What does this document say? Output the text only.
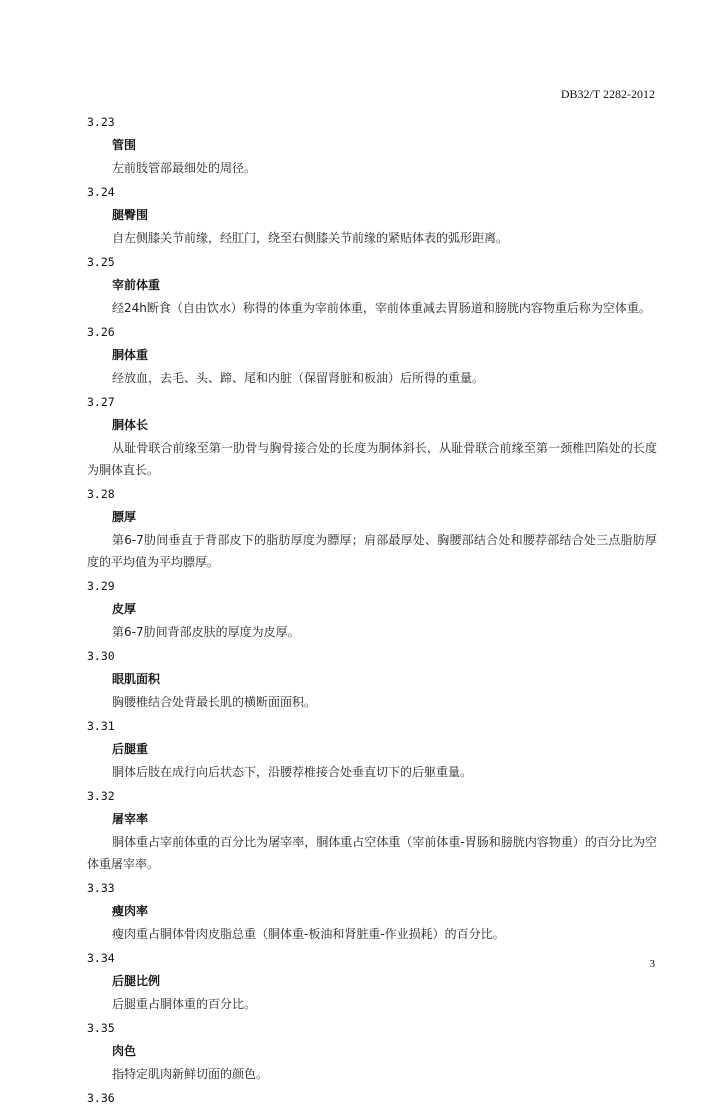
DB32/T 2282-2012
3.23
管围
左前肢管部最细处的周径。
3.24
腿臀围
自左侧膝关节前缘，经肛门，绕至右侧膝关节前缘的紧贴体表的弧形距离。
3.25
宰前体重
经24h断食（自由饮水）称得的体重为宰前体重，宰前体重减去胃肠道和膀胱内容物重后称为空体重。
3.26
胴体重
经放血，去毛、头、蹄、尾和内脏（保留肾脏和板油）后所得的重量。
3.27
胴体长
从耻骨联合前缘至第一肋骨与胸骨接合处的长度为胴体斜长，从耻骨联合前缘至第一颈椎凹陷处的长度为胴体直长。
3.28
膘厚
第6-7肋间垂直于背部皮下的脂肪厚度为膘厚；肩部最厚处、胸腰部结合处和腰荐部结合处三点脂肪厚度的平均值为平均膘厚。
3.29
皮厚
第6-7肋间背部皮肤的厚度为皮厚。
3.30
眼肌面积
胸腰椎结合处背最长肌的横断面面积。
3.31
后腿重
胴体后肢在成行向后状态下，沿腰荐椎接合处垂直切下的后躯重量。
3.32
屠宰率
胴体重占宰前体重的百分比为屠宰率，胴体重占空体重（宰前体重-胃肠和膀胱内容物重）的百分比为空体重屠宰率。
3.33
瘦肉率
瘦肉重占胴体骨肉皮脂总重（胴体重-板油和肾脏重-作业损耗）的百分比。
3.34
后腿比例
后腿重占胴体重的百分比。
3.35
肉色
指特定肌肉新鲜切面的颜色。
3.36
3
